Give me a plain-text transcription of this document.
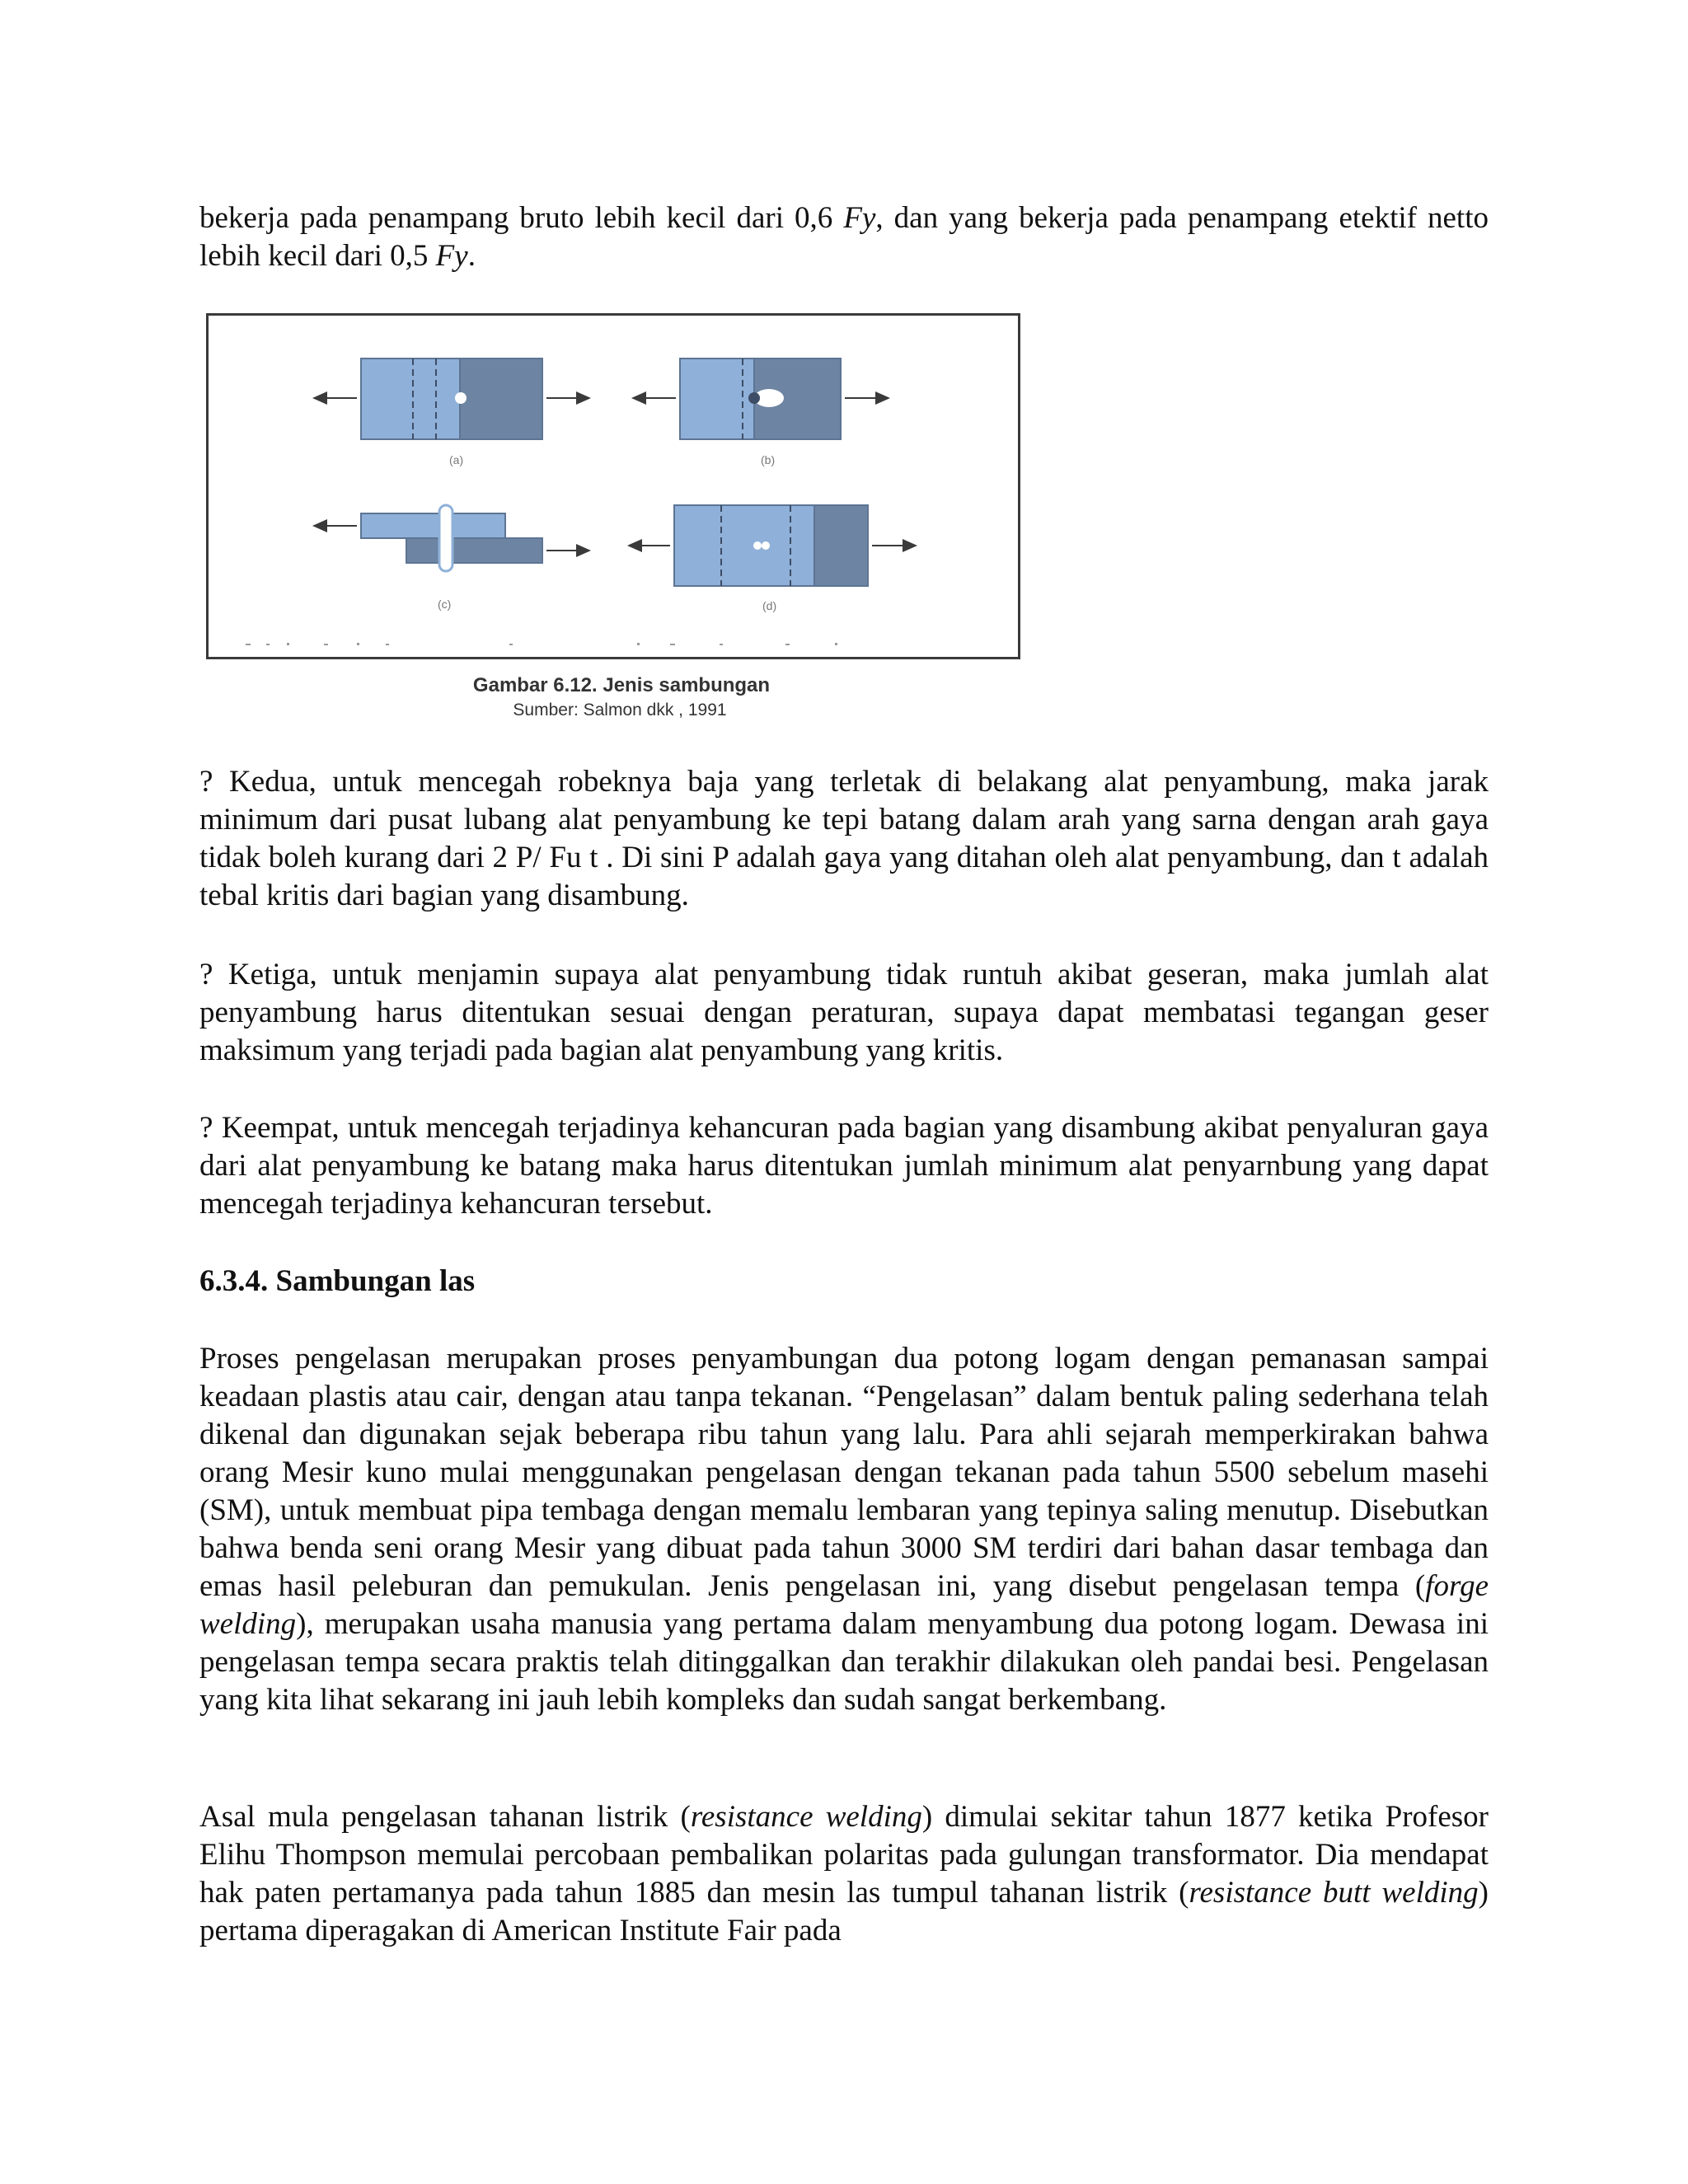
bekerja pada penampang bruto lebih kecil dari 0,6 Fy, dan yang bekerja pada penampang etektif netto lebih kecil dari 0,5 Fy.

(a)	(b)
(c)	(d)
Gambar 6.12. Jenis sambungan
Sumber: Salmon dkk , 1991

? Kedua, untuk mencegah robeknya baja yang terletak di belakang alat penyambung, maka jarak minimum dari pusat lubang alat penyambung ke tepi batang dalam arah yang sarna dengan arah gaya tidak boleh kurang dari 2 P/ Fu t . Di sini P adalah gaya yang ditahan oleh alat penyambung, dan t adalah tebal kritis dari bagian yang disambung.

? Ketiga, untuk menjamin supaya alat penyambung tidak runtuh akibat geseran, maka jumlah alat penyambung harus ditentukan sesuai dengan peraturan, supaya dapat membatasi tegangan geser maksimum yang terjadi pada bagian alat penyambung yang kritis.

? Keempat, untuk mencegah terjadinya kehancuran pada bagian yang disambung akibat penyaluran gaya dari alat penyambung ke batang maka harus ditentukan jumlah minimum alat penyarnbung yang dapat mencegah terjadinya kehancuran tersebut.

6.3.4. Sambungan las

Proses pengelasan merupakan proses penyambungan dua potong logam dengan pemanasan sampai keadaan plastis atau cair, dengan atau tanpa tekanan. “Pengelasan” dalam bentuk paling sederhana telah dikenal dan digunakan sejak beberapa ribu tahun yang lalu. Para ahli sejarah memperkirakan bahwa orang Mesir kuno mulai menggunakan pengelasan dengan tekanan pada tahun 5500 sebelum masehi (SM), untuk membuat pipa tembaga dengan memalu lembaran yang tepinya saling menutup. Disebutkan bahwa benda seni orang Mesir yang dibuat pada tahun 3000 SM terdiri dari bahan dasar tembaga dan emas hasil peleburan dan pemukulan. Jenis pengelasan ini, yang disebut pengelasan tempa (forge welding), merupakan usaha manusia yang pertama dalam menyambung dua potong logam. Dewasa ini pengelasan tempa secara praktis telah ditinggalkan dan terakhir dilakukan oleh pandai besi. Pengelasan yang kita lihat sekarang ini jauh lebih kompleks dan sudah sangat berkembang.

Asal mula pengelasan tahanan listrik (resistance welding) dimulai sekitar tahun 1877 ketika Profesor Elihu Thompson memulai percobaan pembalikan polaritas pada gulungan transformator. Dia mendapat hak paten pertamanya pada tahun 1885 dan mesin las tumpul tahanan listrik (resistance butt welding) pertama diperagakan di American Institute Fair pada
